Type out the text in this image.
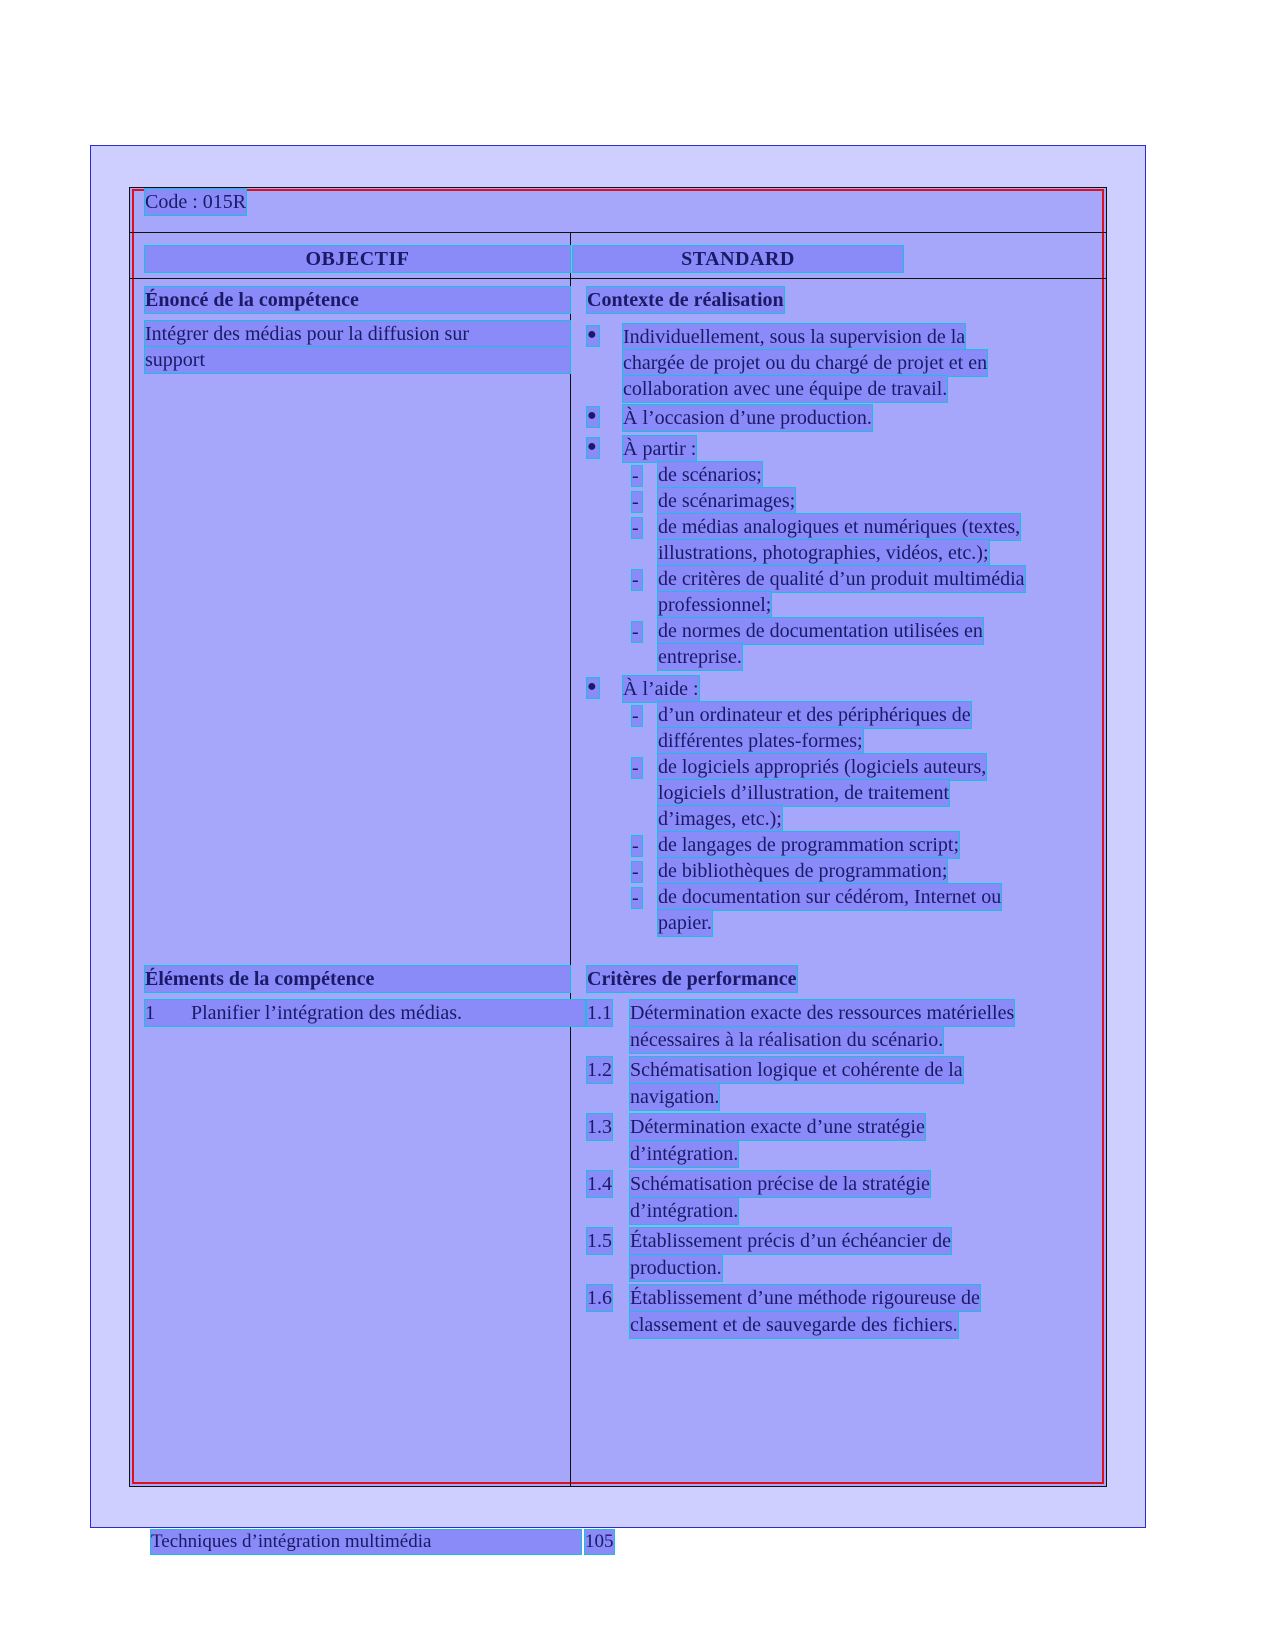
Code : 015R
OBJECTIF	STANDARD
Énoncé de la compétence
Intégrer des médias pour la diffusion sur
support
Contexte de réalisation
● Individuellement, sous la supervision de la
chargée de projet ou du chargé de projet et en
collaboration avec une équipe de travail.
● À l’occasion d’une production.
● À partir :
- de scénarios;
- de scénarimages;
- de médias analogiques et numériques (textes,
illustrations, photographies, vidéos, etc.);
- de critères de qualité d’un produit multimédia
professionnel;
- de normes de documentation utilisées en
entreprise.
● À l’aide :
- d’un ordinateur et des périphériques de
différentes plates-formes;
- de logiciels appropriés (logiciels auteurs,
logiciels d’illustration, de traitement
d’images, etc.);
- de langages de programmation script;
- de bibliothèques de programmation;
- de documentation sur cédérom, Internet ou
papier.
Éléments de la compétence
1 Planifier l’intégration des médias.
Critères de performance
1.1 Détermination exacte des ressources matérielles
nécessaires à la réalisation du scénario.
1.2 Schématisation logique et cohérente de la
navigation.
1.3 Détermination exacte d’une stratégie
d’intégration.
1.4 Schématisation précise de la stratégie
d’intégration.
1.5 Établissement précis d’un échéancier de
production.
1.6 Établissement d’une méthode rigoureuse de
classement et de sauvegarde des fichiers.
Techniques d’intégration multimédia	105
